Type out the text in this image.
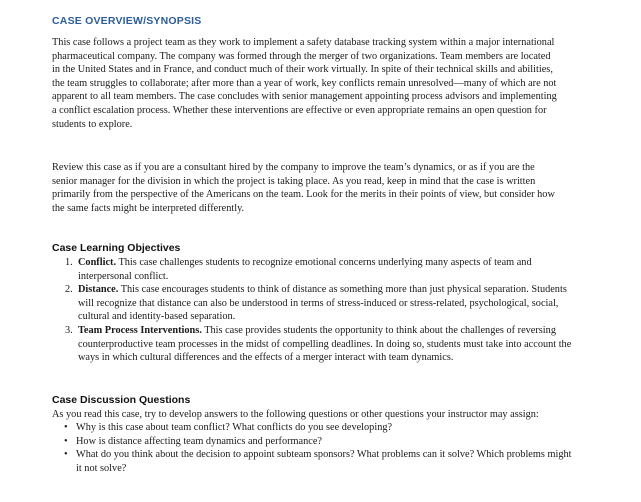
CASE OVERVIEW/SYNOPSIS

This case follows a project team as they work to implement a safety database tracking system within a major international pharmaceutical company. The company was formed through the merger of two organizations. Team members are located in the United States and in France, and conduct much of their work virtually. In spite of their technical skills and abilities, the team struggles to collaborate; after more than a year of work, key conflicts remain unresolved—many of which are not apparent to all team members. The case concludes with senior management appointing process advisors and implementing a conflict escalation process. Whether these interventions are effective or even appropriate remains an open question for students to explore.

Review this case as if you are a consultant hired by the company to improve the team’s dynamics, or as if you are the senior manager for the division in which the project is taking place. As you read, keep in mind that the case is written primarily from the perspective of the Americans on the team. Look for the merits in their points of view, but consider how the same facts might be interpreted differently.

Case Learning Objectives
1. Conflict. This case challenges students to recognize emotional concerns underlying many aspects of team and interpersonal conflict.
2. Distance. This case encourages students to think of distance as something more than just physical separation. Students will recognize that distance can also be understood in terms of stress-induced or stress-related, psychological, social, cultural and identity-based separation.
3. Team Process Interventions. This case provides students the opportunity to think about the challenges of reversing counterproductive team processes in the midst of compelling deadlines. In doing so, students must take into account the ways in which cultural differences and the effects of a merger interact with team dynamics.
Case Discussion Questions

As you read this case, try to develop answers to the following questions or other questions your instructor may assign:

• Why is this case about team conflict? What conflicts do you see developing?
• How is distance affecting team dynamics and performance?
• What do you think about the decision to appoint subteam sponsors? What problems can it solve? Which problems might it not solve?
